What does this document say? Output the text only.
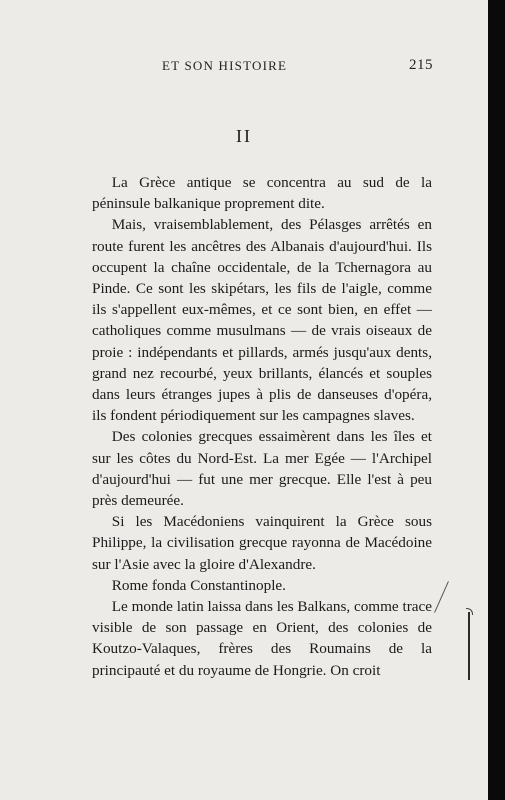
ET SON HISTOIRE	215
II

La Grèce antique se concentra au sud de la péninsule balkanique proprement dite.

Mais, vraisemblablement, des Pélasges arrêtés en route furent les ancêtres des Albanais d'aujourd'hui. Ils occupent la chaîne occidentale, de la Tchernagora au Pinde. Ce sont les skipétars, les fils de l'aigle, comme ils s'appellent eux-mêmes, et ce sont bien, en effet — catholiques comme musulmans — de vrais oiseaux de proie : indépendants et pillards, armés jusqu'aux dents, grand nez recourbé, yeux brillants, élancés et souples dans leurs étranges jupes à plis de danseuses d'opéra, ils fondent périodiquement sur les campagnes slaves.

Des colonies grecques essaimèrent dans les îles et sur les côtes du Nord-Est. La mer Egée — l'Archipel d'aujourd'hui — fut une mer grecque. Elle l'est à peu près demeurée.

Si les Macédoniens vainquirent la Grèce sous Philippe, la civilisation grecque rayonna de Macédoine sur l'Asie avec la gloire d'Alexandre.

Rome fonda Constantinople.

Le monde latin laissa dans les Balkans, comme trace visible de son passage en Orient, des colonies de Koutzo-Valaques, frères des Roumains de la principauté et du royaume de Hongrie. On croit
